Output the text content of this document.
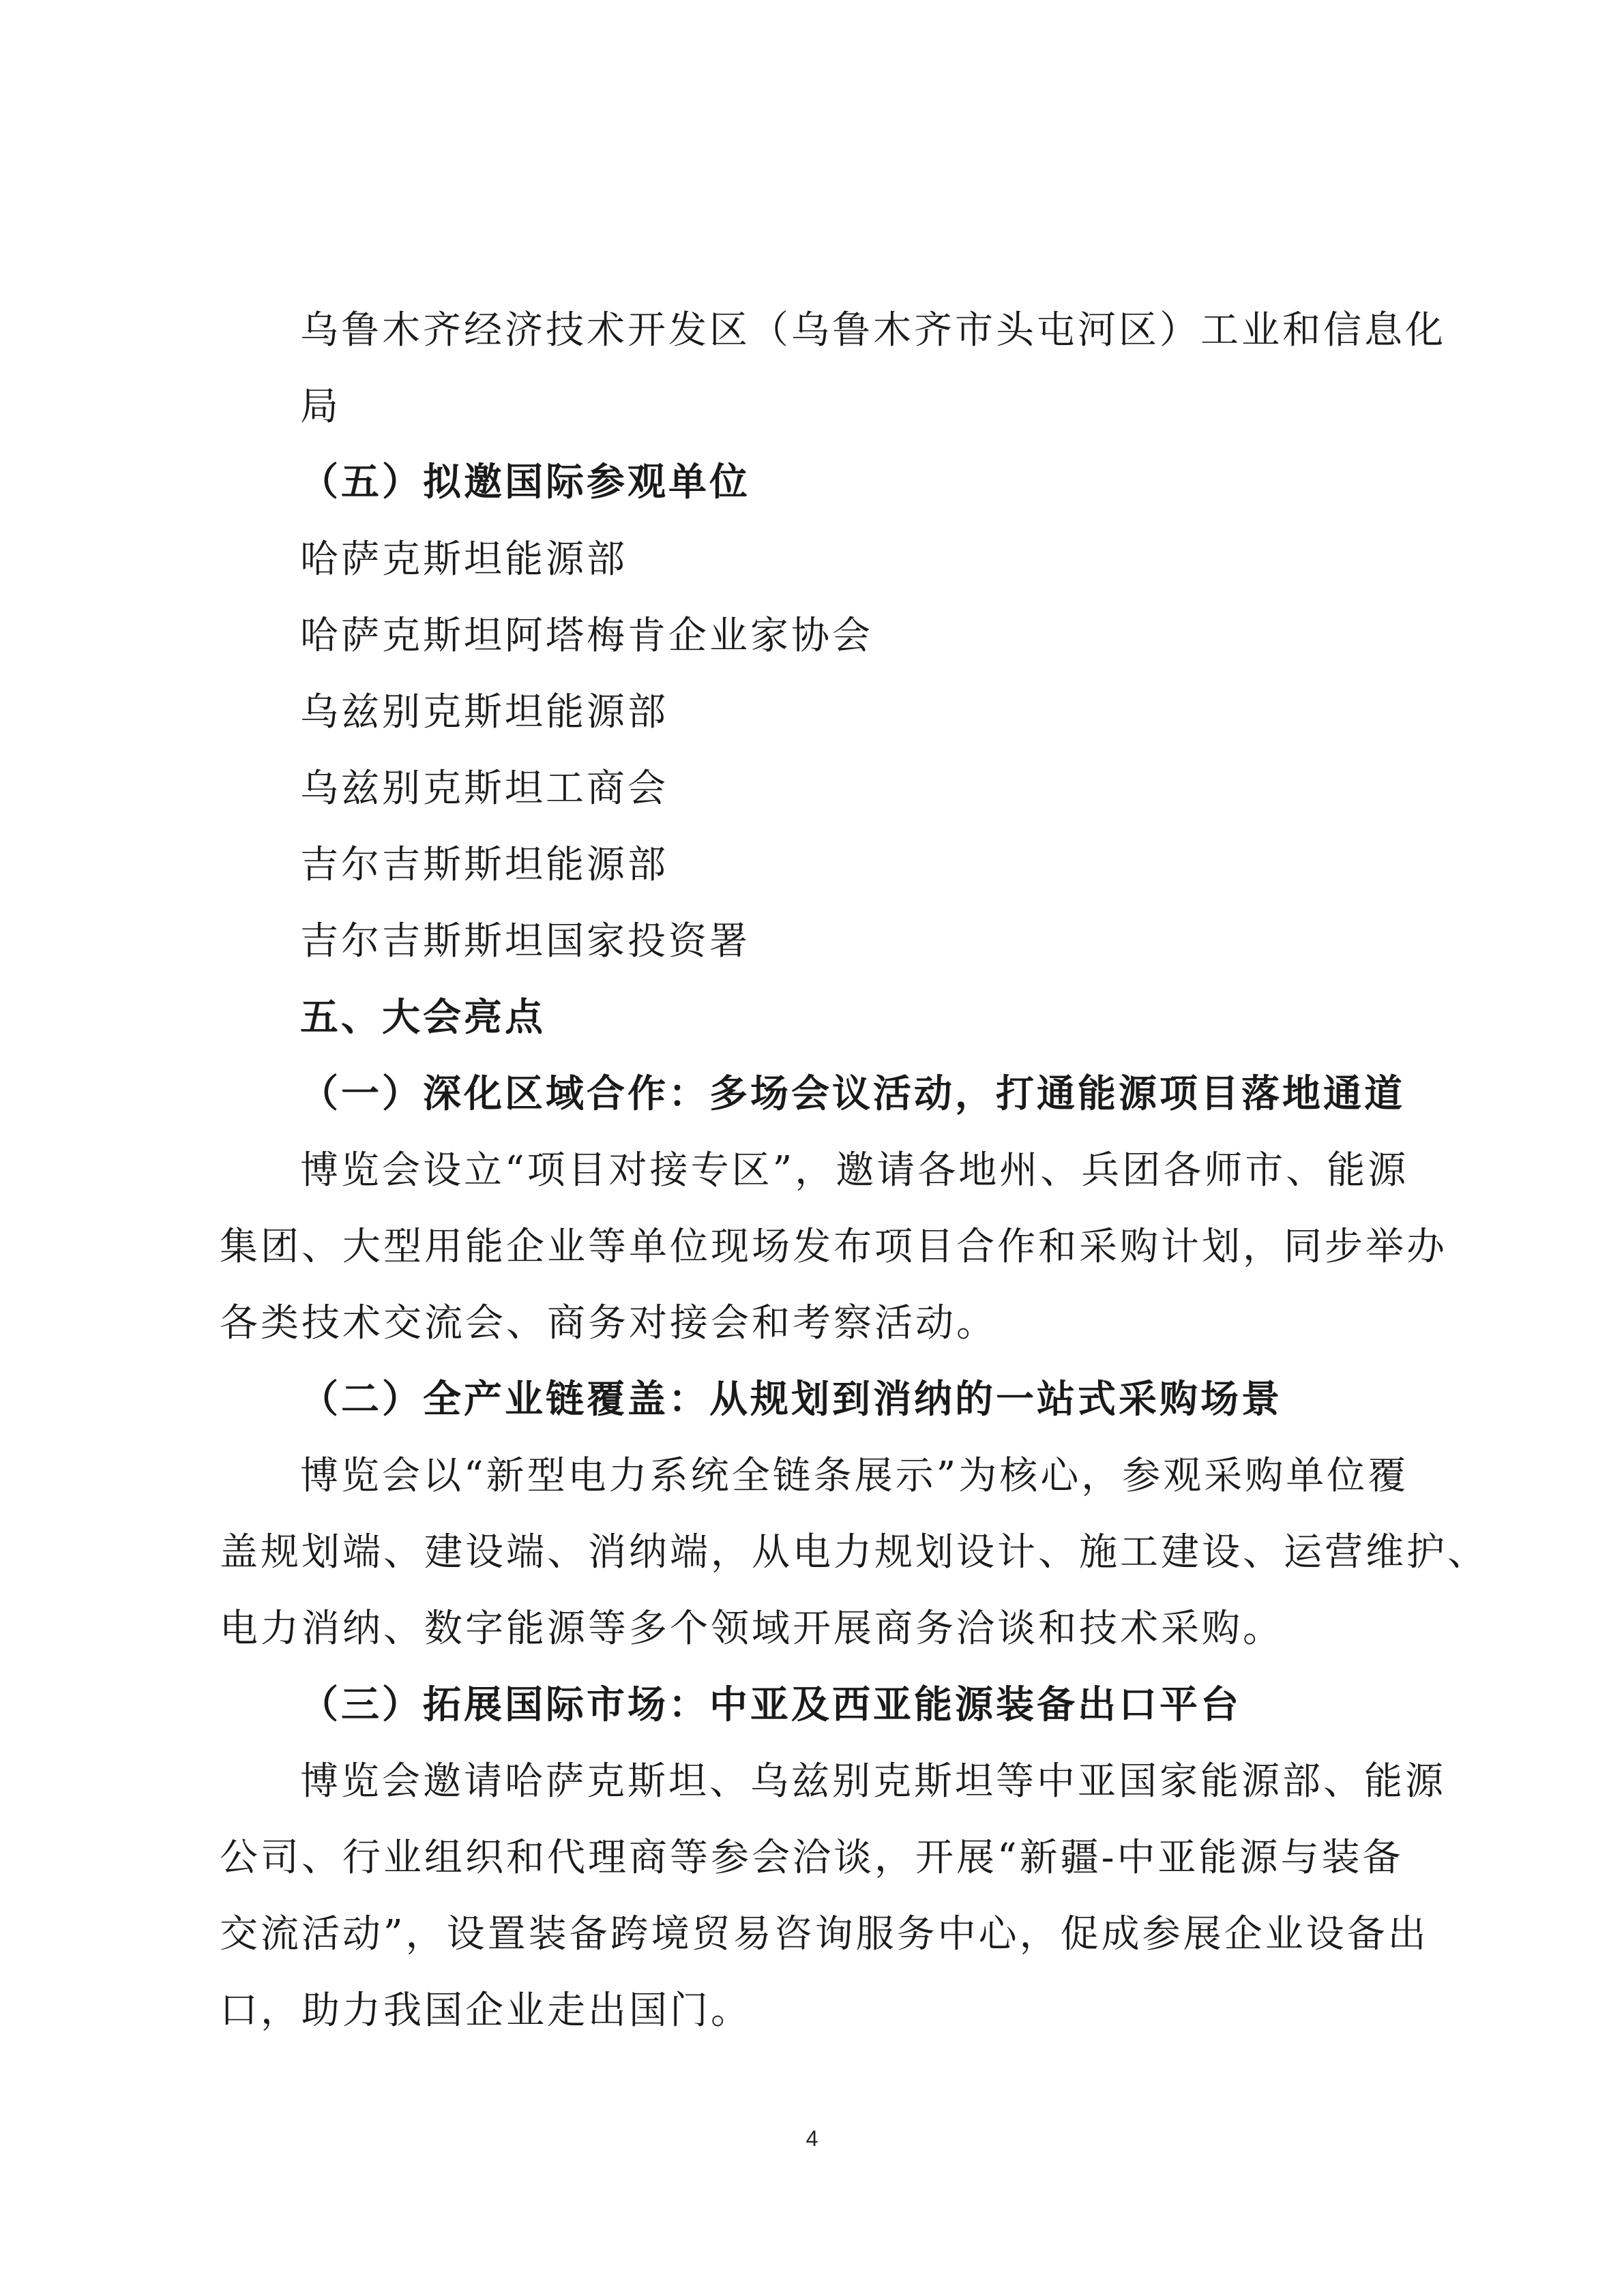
乌鲁木齐经济技术开发区（乌鲁木齐市头屯河区）工业和信息化
局
（五）拟邀国际参观单位
哈萨克斯坦能源部
哈萨克斯坦阿塔梅肯企业家协会
乌兹别克斯坦能源部
乌兹别克斯坦工商会
吉尔吉斯斯坦能源部
吉尔吉斯斯坦国家投资署
五、大会亮点
（一）深化区域合作：多场会议活动，打通能源项目落地通道
博览会设立“项目对接专区”，邀请各地州、兵团各师市、能源
集团、大型用能企业等单位现场发布项目合作和采购计划，同步举办
各类技术交流会、商务对接会和考察活动。
（二）全产业链覆盖：从规划到消纳的一站式采购场景
博览会以“新型电力系统全链条展示”为核心，参观采购单位覆
盖规划端、建设端、消纳端，从电力规划设计、施工建设、运营维护、
电力消纳、数字能源等多个领域开展商务洽谈和技术采购。
（三）拓展国际市场：中亚及西亚能源装备出口平台
博览会邀请哈萨克斯坦、乌兹别克斯坦等中亚国家能源部、能源
公司、行业组织和代理商等参会洽谈，开展“新疆-中亚能源与装备
交流活动”，设置装备跨境贸易咨询服务中心，促成参展企业设备出
口，助力我国企业走出国门。
4
